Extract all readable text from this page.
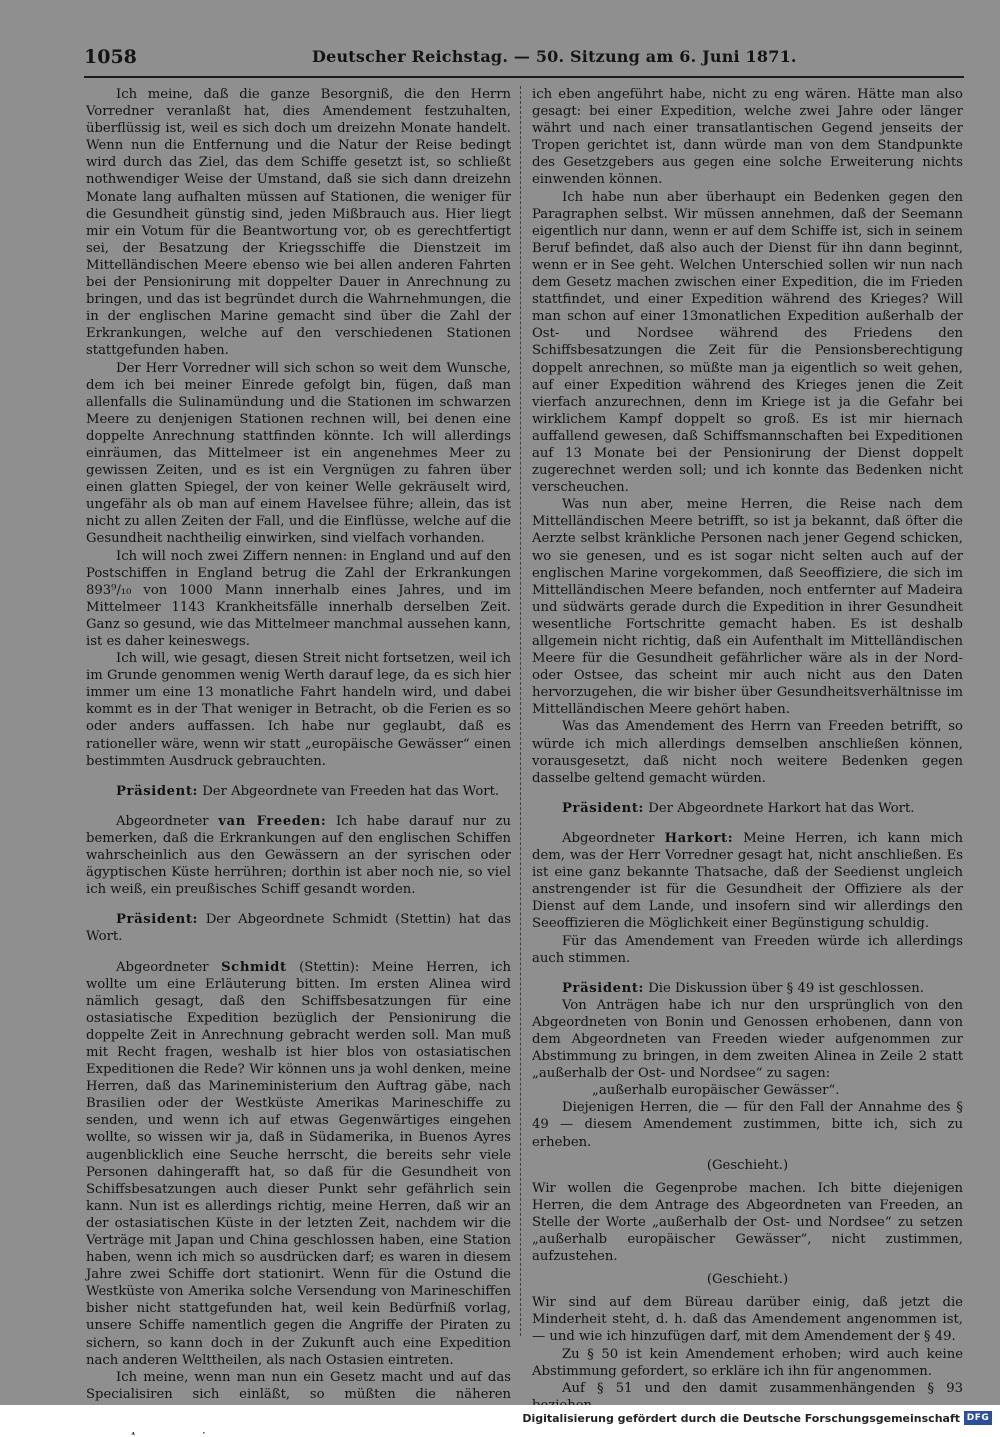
1058	Deutscher Reichstag. — 50. Sitzung am 6. Juni 1871.

Ich meine, daß die ganze Besorgniß, die den Herrn Vorredner veranlaßt hat, dies Amendement festzuhalten, überflüssig ist, weil es sich doch um dreizehn Monate handelt. Wenn nun die Entfernung und die Natur der Reise bedingt wird durch das Ziel, das dem Schiffe gesetzt ist, so schließt nothwendiger Weise der Umstand, daß sie sich dann dreizehn Monate lang aufhalten müssen auf Stationen, die weniger für die Gesundheit günstig sind, jeden Mißbrauch aus. Hier liegt mir ein Votum für die Beantwortung vor, ob es gerechtfertigt sei, der Besatzung der Kriegsschiffe die Dienstzeit im Mittelländischen Meere ebenso wie bei allen anderen Fahrten bei der Pensionirung mit doppelter Dauer in Anrechnung zu bringen, und das ist begründet durch die Wahrnehmungen, die in der englischen Marine gemacht sind über die Zahl der Erkrankungen, welche auf den verschiedenen Stationen stattgefunden haben.

Der Herr Vorredner will sich schon so weit dem Wunsche, dem ich bei meiner Einrede gefolgt bin, fügen, daß man allenfalls die Sulinamündung und die Stationen im schwarzen Meere zu denjenigen Stationen rechnen will, bei denen eine doppelte Anrechnung stattfinden könnte. Ich will allerdings einräumen, das Mittelmeer ist ein angenehmes Meer zu gewissen Zeiten, und es ist ein Vergnügen zu fahren über einen glatten Spiegel, der von keiner Welle gekräuselt wird, ungefähr als ob man auf einem Havelsee führe; allein, das ist nicht zu allen Zeiten der Fall, und die Einflüsse, welche auf die Gesundheit nachtheilig einwirken, sind vielfach vorhanden.

Ich will noch zwei Ziffern nennen: in England und auf den Postschiffen in England betrug die Zahl der Erkrankungen 893⁹/₁₀ von 1000 Mann innerhalb eines Jahres, und im Mittelmeer 1143 Krankheitsfälle innerhalb derselben Zeit. Ganz so gesund, wie das Mittelmeer manchmal aussehen kann, ist es daher keineswegs.

Ich will, wie gesagt, diesen Streit nicht fortsetzen, weil ich im Grunde genommen wenig Werth darauf lege, da es sich hier immer um eine 13 monatliche Fahrt handeln wird, und dabei kommt es in der That weniger in Betracht, ob die Ferien es so oder anders auffassen. Ich habe nur geglaubt, daß es rationeller wäre, wenn wir statt „europäische Gewässer“ einen bestimmten Ausdruck gebrauchten.

Präsident: Der Abgeordnete van Freeden hat das Wort.

Abgeordneter van Freeden: Ich habe darauf nur zu bemerken, daß die Erkrankungen auf den englischen Schiffen wahrscheinlich aus den Gewässern an der syrischen oder ägyptischen Küste herrühren; dorthin ist aber noch nie, so viel ich weiß, ein preußisches Schiff gesandt worden.

Präsident: Der Abgeordnete Schmidt (Stettin) hat das Wort.

Abgeordneter Schmidt (Stettin): Meine Herren, ich wollte um eine Erläuterung bitten. Im ersten Alinea wird nämlich gesagt, daß den Schiffsbesatzungen für eine ostasiatische Expedition bezüglich der Pensionirung die doppelte Zeit in Anrechnung gebracht werden soll. Man muß mit Recht fragen, weshalb ist hier blos von ostasiatischen Expeditionen die Rede? Wir können uns ja wohl denken, meine Herren, daß das Marineministerium den Auftrag gäbe, nach Brasilien oder der Westküste Amerikas Marineschiffe zu senden, und wenn ich auf etwas Gegenwärtiges eingehen wollte, so wissen wir ja, daß in Südamerika, in Buenos Ayres augenblicklich eine Seuche herrscht, die bereits sehr viele Personen dahingerafft hat, so daß für die Gesundheit von Schiffsbesatzungen auch dieser Punkt sehr gefährlich sein kann. Nun ist es allerdings richtig, meine Herren, daß wir an der ostasiatischen Küste in der letzten Zeit, nachdem wir die Verträge mit Japan und China geschlossen haben, eine Station haben, wenn ich mich so ausdrücken darf; es waren in diesem Jahre zwei Schiffe dort stationirt. Wenn für die Ostund die Westküste von Amerika solche Versendung von Marineschiffen bisher nicht stattgefunden hat, weil kein Bedürfniß vorlag, unsere Schiffe namentlich gegen die Angriffe der Piraten zu sichern, so kann doch in der Zukunft auch eine Expedition nach anderen Welttheilen, als nach Ostasien eintreten.

Ich meine, wenn man nun ein Gesetz macht und auf das Specialisiren sich einläßt, so müßten die näheren

ich eben angeführt habe, nicht zu eng wären. Hätte man also gesagt: bei einer Expedition, welche zwei Jahre oder länger währt und nach einer transatlantischen Gegend jenseits der Tropen gerichtet ist, dann würde man von dem Standpunkte des Gesetzgebers aus gegen eine solche Erweiterung nichts einwenden können.

Ich habe nun aber überhaupt ein Bedenken gegen den Paragraphen selbst. Wir müssen annehmen, daß der Seemann eigentlich nur dann, wenn er auf dem Schiffe ist, sich in seinem Beruf befindet, daß also auch der Dienst für ihn dann beginnt, wenn er in See geht. Welchen Unterschied sollen wir nun nach dem Gesetz machen zwischen einer Expedition, die im Frieden stattfindet, und einer Expedition während des Krieges? Will man schon auf einer 13monatlichen Expedition außerhalb der Ost- und Nordsee während des Friedens den Schiffsbesatzungen die Zeit für die Pensionsberechtigung doppelt anrechnen, so müßte man ja eigentlich so weit gehen, auf einer Expedition während des Krieges jenen die Zeit vierfach anzurechnen, denn im Kriege ist ja die Gefahr bei wirklichem Kampf doppelt so groß. Es ist mir hiernach auffallend gewesen, daß Schiffsmannschaften bei Expeditionen auf 13 Monate bei der Pensionirung der Dienst doppelt zugerechnet werden soll; und ich konnte das Bedenken nicht verscheuchen.

Was nun aber, meine Herren, die Reise nach dem Mittelländischen Meere betrifft, so ist ja bekannt, daß öfter die Aerzte selbst kränkliche Personen nach jener Gegend schicken, wo sie genesen, und es ist sogar nicht selten auch auf der englischen Marine vorgekommen, daß Seeoffiziere, die sich im Mittelländischen Meere befanden, noch entfernter auf Madeira und südwärts gerade durch die Expedition in ihrer Gesundheit wesentliche Fortschritte gemacht haben. Es ist deshalb allgemein nicht richtig, daß ein Aufenthalt im Mittelländischen Meere für die Gesundheit gefährlicher wäre als in der Nord- oder Ostsee, das scheint mir auch nicht aus den Daten hervorzugehen, die wir bisher über Gesundheitsverhältnisse im Mittelländischen Meere gehört haben.

Was das Amendement des Herrn van Freeden betrifft, so würde ich mich allerdings demselben anschließen können, vorausgesetzt, daß nicht noch weitere Bedenken gegen dasselbe geltend gemacht würden.

Präsident: Der Abgeordnete Harkort hat das Wort.

Abgeordneter Harkort: Meine Herren, ich kann mich dem, was der Herr Vorredner gesagt hat, nicht anschließen. Es ist eine ganz bekannte Thatsache, daß der Seedienst ungleich anstrengender ist für die Gesundheit der Offiziere als der Dienst auf dem Lande, und insofern sind wir allerdings den Seeoffizieren die Möglichkeit einer Begünstigung schuldig.

Für das Amendement van Freeden würde ich allerdings auch stimmen.

Präsident: Die Diskussion über § 49 ist geschlossen.

Von Anträgen habe ich nur den ursprünglich von den Abgeordneten von Bonin und Genossen erhobenen, dann von dem Abgeordneten van Freeden wieder aufgenommen zur Abstimmung zu bringen, in dem zweiten Alinea in Zeile 2 statt „außerhalb der Ost- und Nordsee“ zu sagen:

„außerhalb europäischer Gewässer“.

Diejenigen Herren, die — für den Fall der Annahme des § 49 — diesem Amendement zustimmen, bitte ich, sich zu erheben.

(Geschieht.)

Wir wollen die Gegenprobe machen. Ich bitte diejenigen Herren, die dem Antrage des Abgeordneten van Freeden, an Stelle der Worte „außerhalb der Ost- und Nordsee“ zu setzen „außerhalb europäischer Gewässer“, nicht zustimmen, aufzustehen.

(Geschieht.)

Wir sind auf dem Büreau darüber einig, daß jetzt die Minderheit steht, d. h. daß das Amendement angenommen ist, — und wie ich hinzufügen darf, mit dem Amendement der § 49.

Zu § 50 ist kein Amendement erhoben; wird auch keine Abstimmung gefordert, so erkläre ich ihn für angenommen.

Auf § 51 und den damit zusammenhängenden § 93

Digitalisierung gefördert durch die Deutsche Forschungsgemeinschaft DFG
